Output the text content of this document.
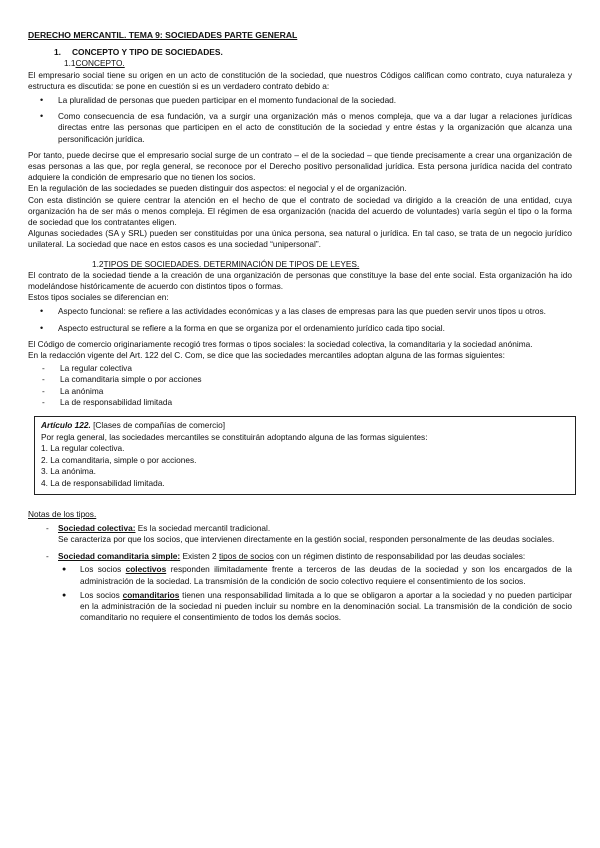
DERECHO MERCANTIL. TEMA 9: SOCIEDADES PARTE GENERAL
1. CONCEPTO Y TIPO DE SOCIEDADES.
1.1CONCEPTO.

El empresario social tiene su origen en un acto de constitución de la sociedad, que nuestros Códigos califican como contrato, cuya naturaleza y estructura es discutida: se pone en cuestión si es un verdadero contrato debido a:

• La pluralidad de personas que pueden participar en el momento fundacional de la sociedad.
• Como consecuencia de esa fundación, va a surgir una organización más o menos compleja, que va a dar lugar a relaciones jurídicas directas entre las personas que participen en el acto de constitución de la sociedad y entre éstas y la organización que alcanza una personificación jurídica.

Por tanto, puede decirse que el empresario social surge de un contrato – el de la sociedad – que tiende precisamente a crear una organización de esas personas a las que, por regla general, se reconoce por el Derecho positivo personalidad jurídica. Esta persona jurídica nacida del contrato adquiere la condición de empresario que no tienen los socios.

En la regulación de las sociedades se pueden distinguir dos aspectos: el negocial y el de organización.

Con esta distinción se quiere centrar la atención en el hecho de que el contrato de sociedad va dirigido a la creación de una entidad, cuya organización ha de ser más o menos compleja. El régimen de esa organización (nacida del acuerdo de voluntades) varía según el tipo o la forma de sociedad que los contratantes eligen.

Algunas sociedades (SA y SRL) pueden ser constituidas por una única persona, sea natural o jurídica. En tal caso, se trata de un negocio jurídico unilateral. La sociedad que nace en estos casos es una sociedad “unipersonal”.

1.2TIPOS DE SOCIEDADES. DETERMINACIÓN DE TIPOS DE LEYES.

El contrato de la sociedad tiende a la creación de una organización de personas que constituye la base del ente social. Esta organización ha ido modelándose históricamente de acuerdo con distintos tipos o formas.

Estos tipos sociales se diferencian en:

• Aspecto funcional: se refiere a las actividades económicas y a las clases de empresas para las que pueden servir unos tipos u otros.
• Aspecto estructural se refiere a la forma en que se organiza por el ordenamiento jurídico cada tipo social.

El Código de comercio originariamente recogió tres formas o tipos sociales: la sociedad colectiva, la comanditaria y la sociedad anónima.

En la redacción vigente del Art. 122 del C. Com, se dice que las sociedades mercantiles adoptan alguna de las formas siguientes:

- La regular colectiva
- La comanditaria simple o por acciones
- La anónima
- La de responsabilidad limitada
Artículo 122. [Clases de compañías de comercio]
Por regla general, las sociedades mercantiles se constituirán adoptando alguna de las formas siguientes:
1. La regular colectiva.
2. La comanditaria, simple o por acciones.
3. La anónima.
4. La de responsabilidad limitada.
Notas de los tipos.
- Sociedad colectiva: Es la sociedad mercantil tradicional.
Se caracteriza por que los socios, que intervienen directamente en la gestión social, responden personalmente de las deudas sociales.
- Sociedad comanditaria simple: Existen 2 tipos de socios con un régimen distinto de responsabilidad por las deudas sociales:
● Los socios colectivos responden ilimitadamente frente a terceros de las deudas de la sociedad y son los encargados de la administración de la sociedad. La transmisión de la condición de socio colectivo requiere el consentimiento de los socios.
● Los socios comanditarios tienen una responsabilidad limitada a lo que se obligaron a aportar a la sociedad y no pueden participar en la administración de la sociedad ni pueden incluir su nombre en la denominación social. La transmisión de la condición de socio comanditario no requiere el consentimiento de todos los demás socios.
